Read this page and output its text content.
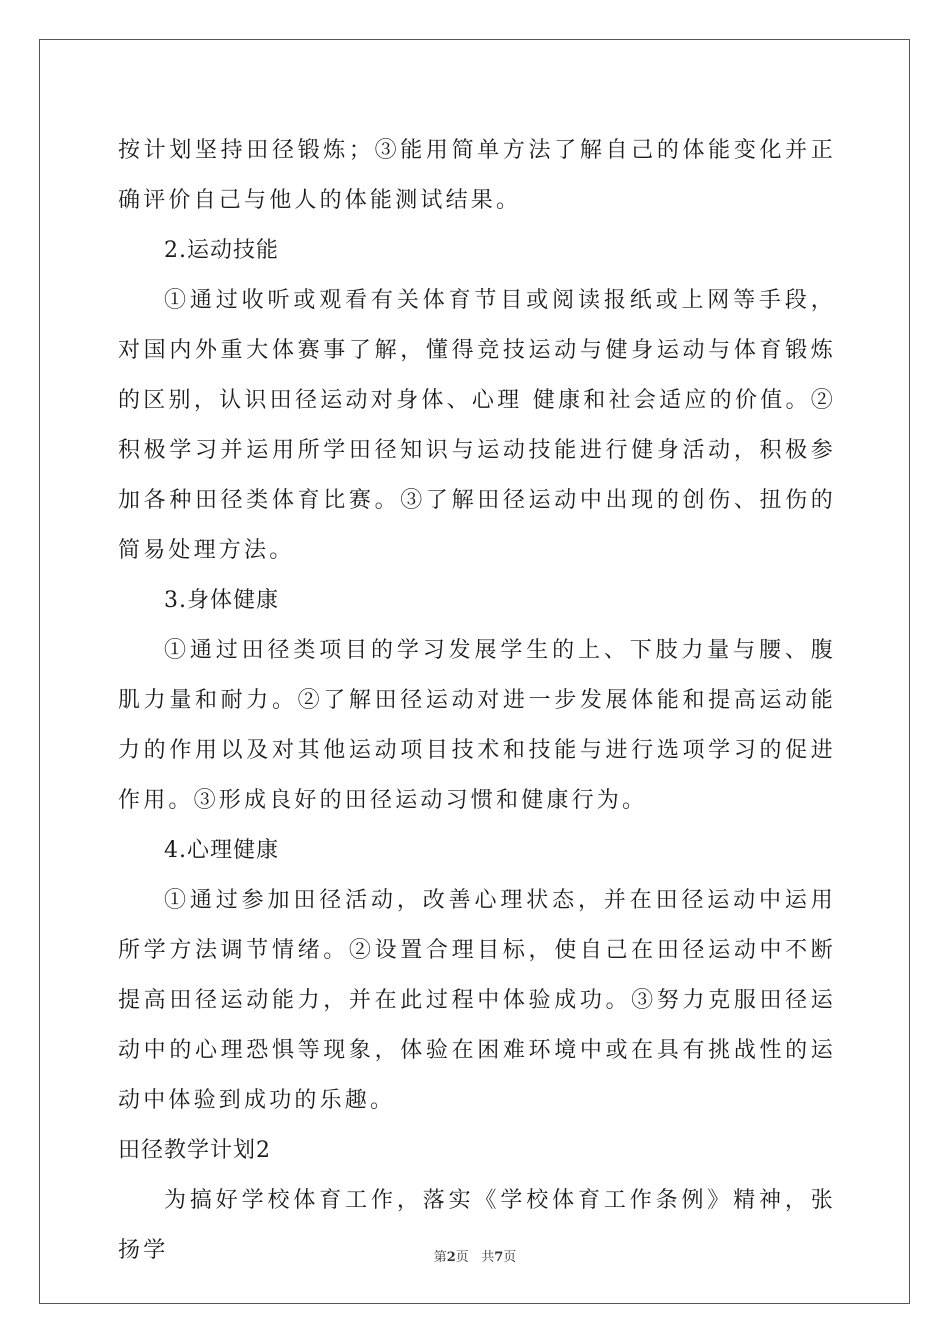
按计划坚持田径锻炼；③能用简单方法了解自己的体能变化并正确评价自己与他人的体能测试结果。

2.运动技能

①通过收听或观看有关体育节目或阅读报纸或上网等手段，对国内外重大体赛事了解，懂得竞技运动与健身运动与体育锻炼的区别，认识田径运动对身体、心理 健康和社会适应的价值。②积极学习并运用所学田径知识与运动技能进行健身活动，积极参加各种田径类体育比赛。③了解田径运动中出现的创伤、扭伤的简易处理方法。

3.身体健康

①通过田径类项目的学习发展学生的上、下肢力量与腰、腹肌力量和耐力。②了解田径运动对进一步发展体能和提高运动能力的作用以及对其他运动项目技术和技能与进行选项学习的促进作用。③形成良好的田径运动习惯和健康行为。

4.心理健康

①通过参加田径活动，改善心理状态，并在田径运动中运用所学方法调节情绪。②设置合理目标，使自己在田径运动中不断提高田径运动能力，并在此过程中体验成功。③努力克服田径运动中的心理恐惧等现象，体验在困难环境中或在具有挑战性的运动中体验到成功的乐趣。

田径教学计划2

为搞好学校体育工作，落实《学校体育工作条例》精神，张扬学	第2页 共7页
